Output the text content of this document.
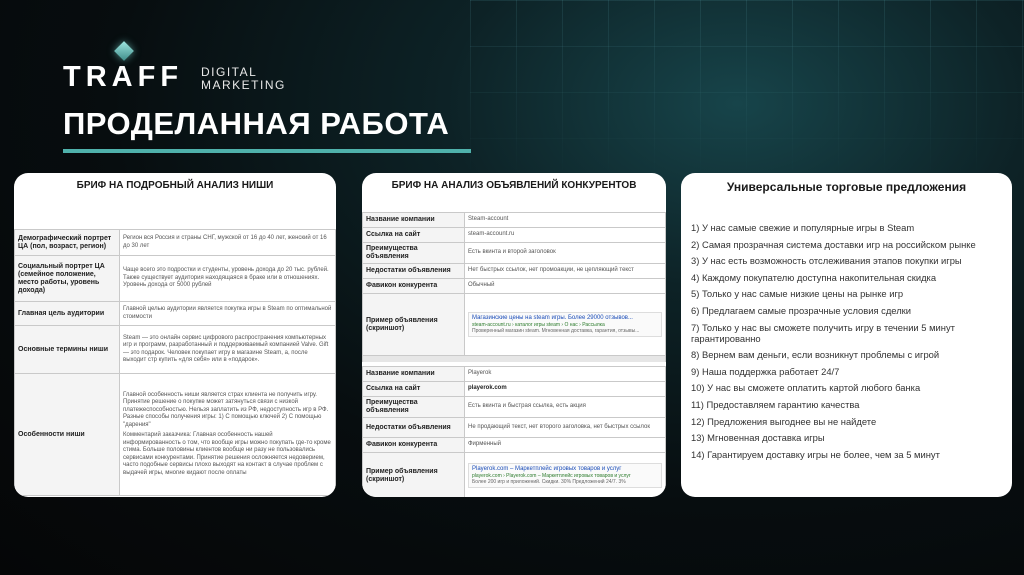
TRAFF DIGITAL
MARKETING
ПРОДЕЛАННАЯ РАБОТА
БРИФ НА ПОДРОБНЫЙ АНАЛИЗ НИШИ
Демографический портрет ЦА (пол, возраст, регион)	Регион вся Россия и страны СНГ, мужской от 16 до 40 лет, женский от 16 до 30 лет
Социальный портрет ЦА (семейное положение, место работы, уровень дохода)	Чаще всего это подростки и студенты, уровень дохода до 20 тыс. рублей. Также существует аудитория находящаяся в браке или в отношениях. Уровень дохода от 5000 рублей
Главная цель аудитории	Главной целью аудитории является покупка игры в Steam по оптимальной стоимости
Основные термины ниши	Steam — это онлайн сервис цифрового распространения компьютерных игр и программ, разработанный и поддерживаемый компанией Valve. Gift — это подарок. Человек покупает игру в магазине Steam, а, после выходит стр купить «для себя» или в «подарок».
Особенности ниши	Главной особенность ниши является страх клиента не получить игру. Принятие решение о покупке может затянуться связи с низкой платежеспособностью. Нельзя заплатить из РФ, недоступность игр в РФ. Разные способы получения игры: 1) С помощью ключей 2) С помощью "дарения"
Комментарий заказчика: Главная особенность нашей информированность о том, что вообще игры можно покупать где-то кроме стима. Больше половины клиентов вообще ни разу не пользовались сервисами конкурентами. Принятие решения осложняется недоверием, часто подобные сервисы плохо выходят на контакт в случае проблем с выдачей игры, многие кидают после оплаты
БРИФ НА АНАЛИЗ ОБЪЯВЛЕНИЙ КОНКУРЕНТОВ
Название компании	Steam-account
Ссылка на сайт	steam-account.ru
Преимущества объявления	Есть вкинта и второй заголовок
Недостатки объявления	Нет быстрых ссылок, нет промоакции, не цепляющий текст
Фавикон конкурента	Обычный
Пример объявления (скриншот)	Магазинские цены на steam игры. Более 29000 отзывов...
steam-account.ru › каталог игры steam › О нас › Рассылка
Проверенный магазин steam. Мгновенная доставка, гарантия, отзывы...
Название компании	Playerok
Ссылка на сайт	playerok.com
Преимущества объявления	Есть вкинта и быстрая ссылка, есть акция
Недостатки объявления	Не продающий текст, нет второго заголовка, нет быстрых ссылок
Фавикон конкурента	Фирменный
Пример объявления (скриншот)	Playerok.com – Маркетплейс игровых товаров и услуг
playerok.com › Playerok.com – Маркетплейс игровых товаров и услуг
Более 200 игр и приложений. Скидки. 30% Предложений 24/7. 3%
Универсальные торговые предложения
1) У нас самые свежие и популярные игры в Steam
2) Самая прозрачная система доставки игр на российском рынке
3) У нас есть возможность отслеживания этапов покупки игры
4) Каждому покупателю доступна накопительная скидка
5) Только у нас самые низкие цены на рынке игр
6) Предлагаем самые прозрачные условия сделки
7) Только у нас вы сможете получить игру в течении 5 минут гарантированно
8) Вернем вам деньги, если возникнут проблемы с игрой
9) Наша поддержка работает 24/7
10) У нас вы сможете оплатить картой любого банка
11) Предоставляем гарантию качества
12) Предложения выгоднее вы не найдете
13) Мгновенная доставка игры
14) Гарантируем доставку игры не более, чем за 5 минут
